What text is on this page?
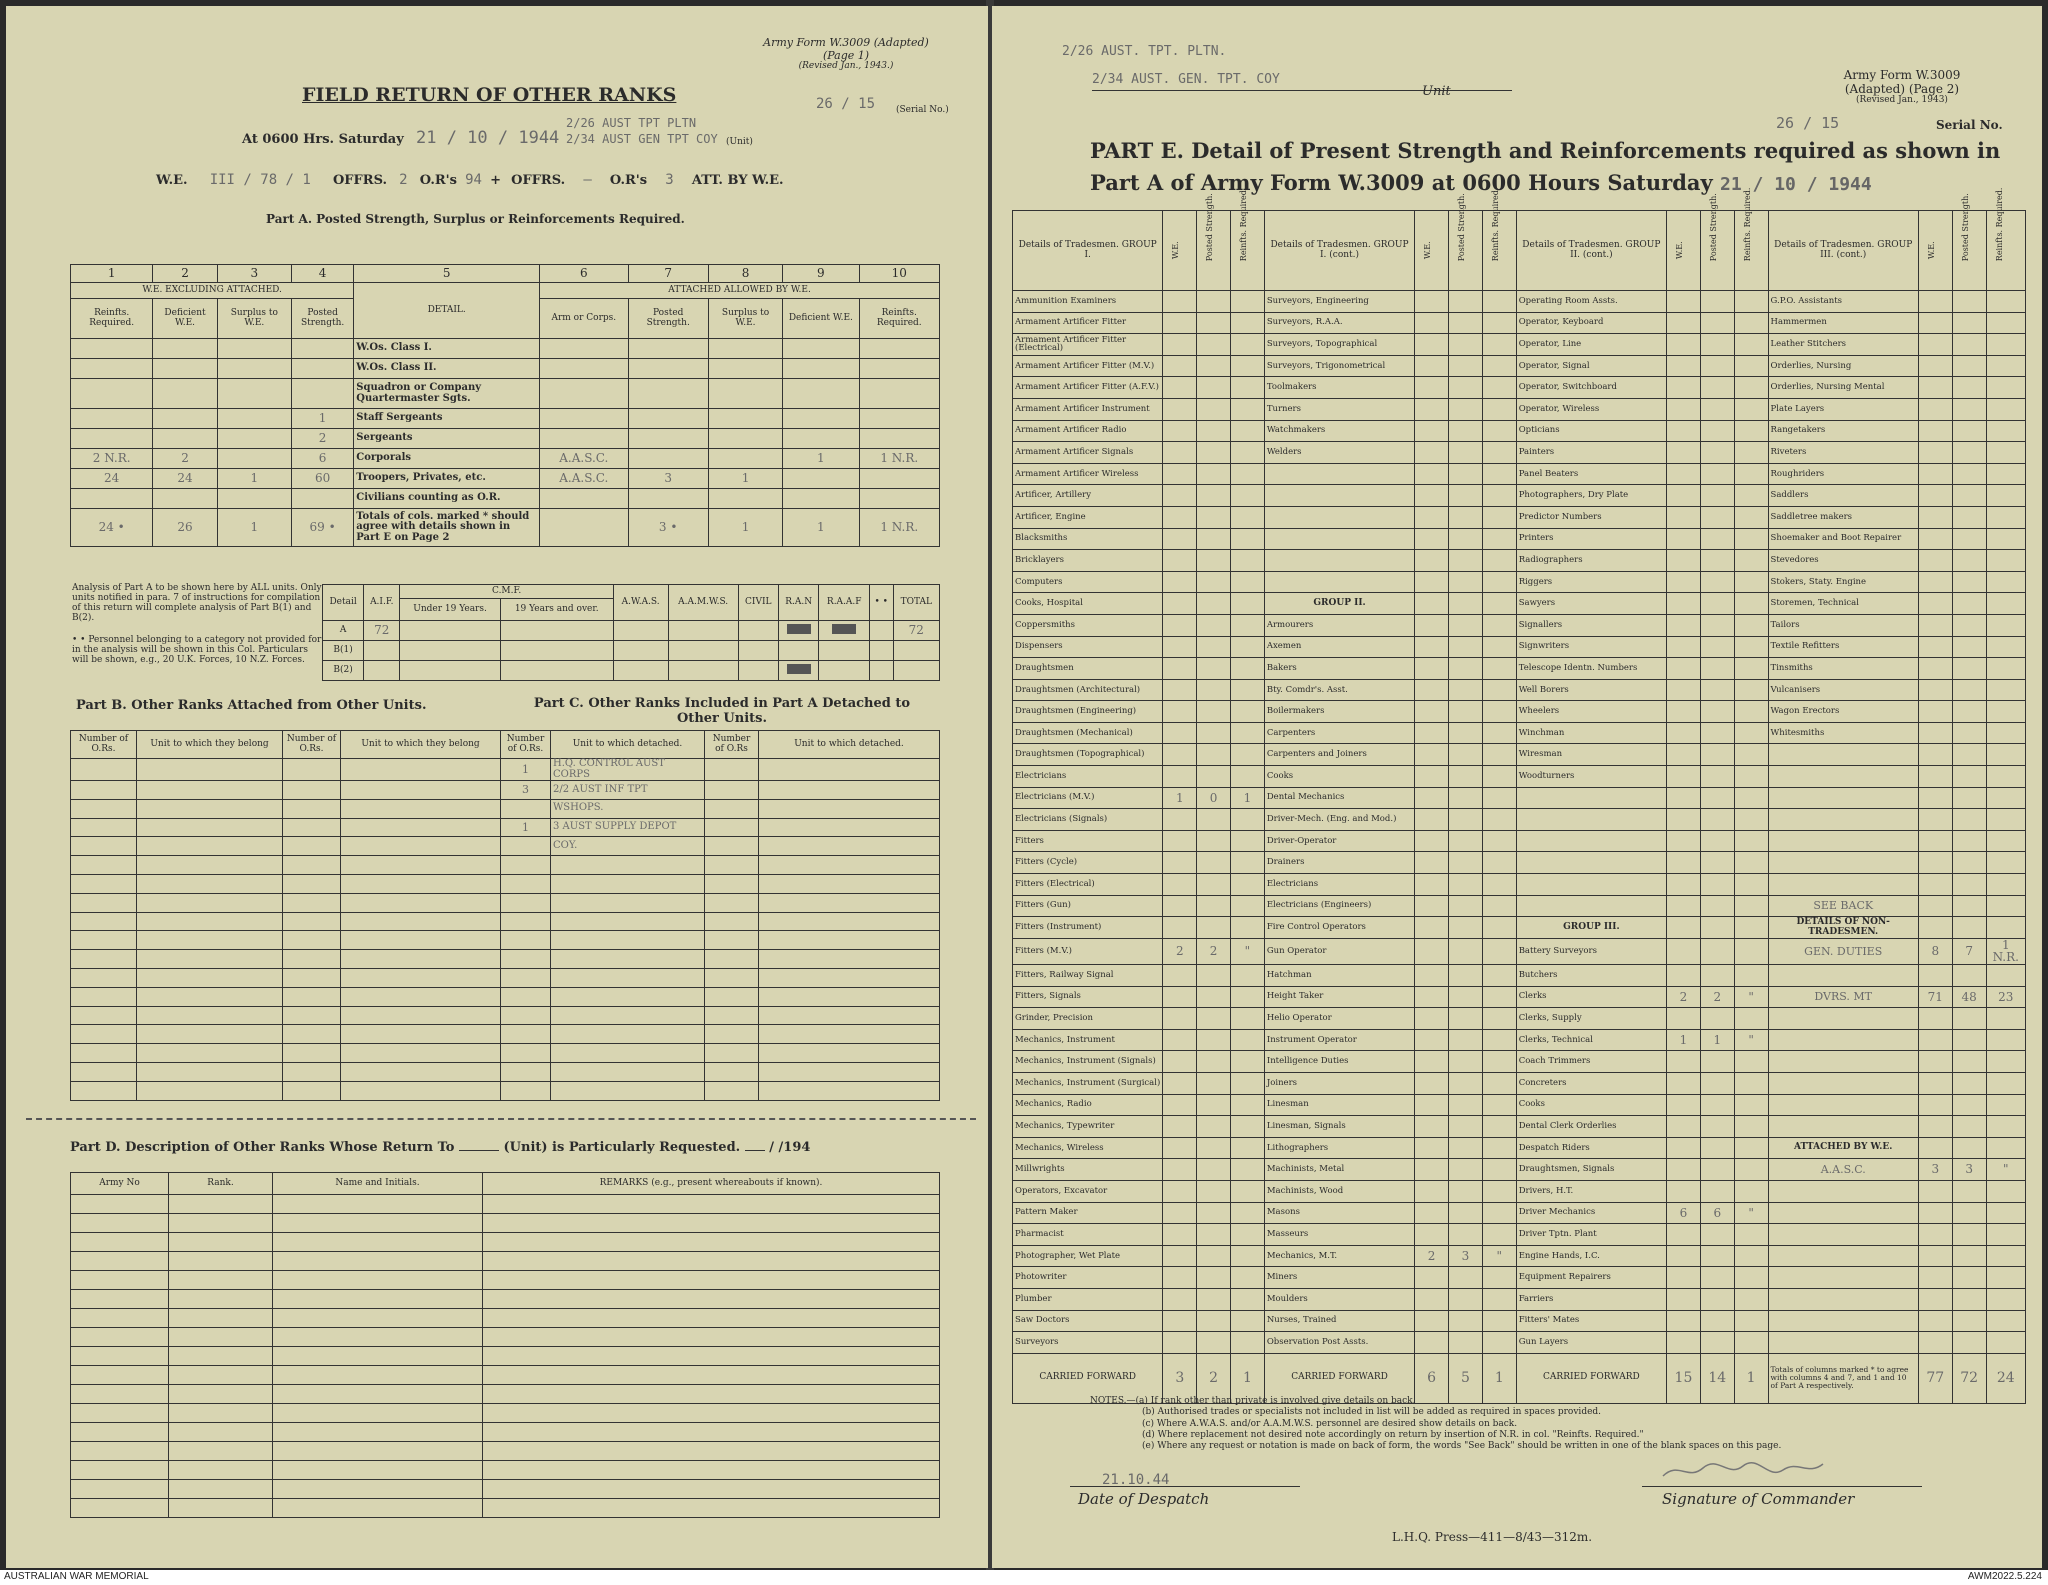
Army Form W.3009 (Adapted)
(Page 1)
(Revised Jan., 1943.)
26 / 15 (Serial No.)
FIELD RETURN OF OTHER RANKS
At 0600 Hrs. Saturday 21 / 10 / 1944
2/26 AUST TPT PLTN
2/34 AUST GEN TPT COY (Unit)
W.E. III / 78 / 1 OFFRS. 2 O.R's 94 + OFFRS. — O.R's 3 ATT. BY W.E.
Part A. Posted Strength, Surplus or Reinforcements Required.
1	2	3	4	5	6	7	8	9	10
W.E. EXCLUDING ATTACHED.				DETAIL.	ATTACHED ALLOWED BY W.E.				
Reinfts. Required.	Deficient W.E.	Surplus to W.E.	Posted Strength.		Arm or Corps.	Posted Strength.	Surplus to W.E.	Deficient W.E.	Reinfts. Required.
				W.Os. Class I.					
				W.Os. Class II.					
				Squadron or Company Quartermaster Sgts.					
			1	Staff Sergeants					
			2	Sergeants					
2 N.R.	2		6	Corporals	A.A.S.C.			1	1 N.R.
24	24	1	60	Troopers, Privates, etc.	A.A.S.C.	3	1		
				Civilians counting as O.R.					
24 •	26	1	69 •	Totals of cols. marked * should agree with details shown in Part E on Page 2		3 •	1	1	1 N.R.
Analysis of Part A to be shown here by ALL units. Only units notified in para. 7 of instructions for compilation of this return will complete analysis of Part B(1) and B(2).
• • Personnel belonging to a category not provided for in the analysis will be shown in this Col. Particulars will be shown, e.g., 20 U.K. Forces, 10 N.Z. Forces.
Detail	A.I.F.	C.M.F.		A.W.A.S.	A.A.M.W.S.	CIVIL	R.A.N	R.A.A.F	• •	TOTAL
		Under 19 Years.	19 Years and over.							
A	72									72
B(1)										
B(2)										
Part B. Other Ranks Attached from Other Units.	Part C. Other Ranks Included in Part A Detached to Other Units.
Number of O.Rs.	Unit to which they belong	Number of O.Rs.	Unit to which they belong	Number of O.Rs.	Unit to which detached.	Number of O.Rs	Unit to which detached.
				1	H.Q. CONTROL AUST CORPS		
				3	2/2 AUST INF TPT		
					WSHOPS.		
				1	3 AUST SUPPLY DEPOT		
					COY.		

Part D. Description of Other Ranks Whose Return To	(Unit) is Particularly Requested. / /194
Army No	Rank.	Name and Initials.	REMARKS (e.g., present whereabouts if known).

2/26 AUST. TPT. PLTN.
2/34 AUST. GEN. TPT. COY
Unit
Army Form W.3009
(Adapted) (Page 2)
(Revised Jan., 1943)
26 / 15	Serial No.
PART E. Detail of Present Strength and Reinforcements required as shown in
Part A of Army Form W.3009 at 0600 Hours Saturday 21 / 10 / 1944
Details of Tradesmen. GROUP I.	W.E.	Posted Strength.	Reinfts. Required.	Details of Tradesmen. GROUP I. (cont.)	W.E.	Posted Strength.	Reinfts. Required.	Details of Tradesmen. GROUP II. (cont.)	W.E.	Posted Strength.	Reinfts. Required.	Details of Tradesmen. GROUP III. (cont.)	W.E.	Posted Strength.	Reinfts. Required.

Ammunition Examiners				Surveyors, Engineering				Operating Room Assts.				G.P.O. Assistants			
Armament Artificer Fitter				Surveyors, R.A.A.				Operator, Keyboard				Hammermen			
Armament Artificer Fitter (Electrical)				Surveyors, Topographical				Operator, Line				Leather Stitchers			
Armament Artificer Fitter (M.V.)				Surveyors, Trigonometrical				Operator, Signal				Orderlies, Nursing			
Armament Artificer Fitter (A.F.V.)				Toolmakers				Operator, Switchboard				Orderlies, Nursing Mental			
Armament Artificer Instrument				Turners				Operator, Wireless				Plate Layers			
Armament Artificer Radio				Watchmakers				Opticians				Rangetakers			
Armament Artificer Signals				Welders				Painters				Riveters			
Armament Artificer Wireless								Panel Beaters				Roughriders			
Artificer, Artillery								Photographers, Dry Plate				Saddlers			
Artificer, Engine								Predictor Numbers				Saddletree makers			
Blacksmiths								Printers				Shoemaker and Boot Repairer			
Bricklayers								Radiographers				Stevedores			
Computers								Riggers				Stokers, Staty. Engine			
Cooks, Hospital				GROUP II.				Sawyers				Storemen, Technical			
Coppersmiths				Armourers				Signallers				Tailors			
Dispensers				Axemen				Signwriters				Textile Refitters			
Draughtsmen				Bakers				Telescope Identn. Numbers				Tinsmiths			
Draughtsmen (Architectural)				Bty. Comdr's. Asst.				Well Borers				Vulcanisers			
Draughtsmen (Engineering)				Boilermakers				Wheelers				Wagon Erectors			
Draughtsmen (Mechanical)				Carpenters				Winchman				Whitesmiths			
Draughtsmen (Topographical)				Carpenters and Joiners				Wiresman							
Electricians				Cooks				Woodturners							
Electricians (M.V.)	1	0	1	Dental Mechanics											
Electricians (Signals)				Driver-Mech. (Eng. and Mod.)											
Fitters				Driver-Operator											
Fitters (Cycle)				Drainers											
Fitters (Electrical)				Electricians											
Fitters (Gun)				Electricians (Engineers)								SEE BACK			
Fitters (Instrument)				Fire Control Operators				GROUP III.				DETAILS OF NON-TRADESMEN.			
Fitters (M.V.)	2	2	"	Gun Operator				Battery Surveyors				GEN. DUTIES	8	7	1 N.R.
Fitters, Railway Signal				Hatchman				Butchers							
Fitters, Signals				Height Taker				Clerks	2	2	"	DVRS. MT	71	48	23
Grinder, Precision				Helio Operator				Clerks, Supply							
Mechanics, Instrument				Instrument Operator				Clerks, Technical	1	1	"				
Mechanics, Instrument (Signals)				Intelligence Duties				Coach Trimmers							
Mechanics, Instrument (Surgical)				Joiners				Concreters							
Mechanics, Radio				Linesman				Cooks							
Mechanics, Typewriter				Linesman, Signals				Dental Clerk Orderlies							
Mechanics, Wireless				Lithographers				Despatch Riders				ATTACHED BY W.E.			
Millwrights				Machinists, Metal				Draughtsmen, Signals				A.A.S.C.	3	3	"
Operators, Excavator				Machinists, Wood				Drivers, H.T.							
Pattern Maker				Masons				Driver Mechanics	6	6	"				
Pharmacist				Masseurs				Driver Tptn. Plant							
Photographer, Wet Plate				Mechanics, M.T.	2	3	"	Engine Hands, I.C.							
Photowriter				Miners				Equipment Repairers							
Plumber				Moulders				Farriers							
Saw Doctors				Nurses, Trained				Fitters' Mates							
Surveyors				Observation Post Assts.				Gun Layers							
CARRIED FORWARD	3	2	1	CARRIED FORWARD	6	5	1	CARRIED FORWARD	15	14	1	Totals of columns marked * to agree with columns 4 and 7, and 1 and 10 of Part A respectively.	77	72	24
NOTES.—(a) If rank other than private is involved give details on back.
(b) Authorised trades or specialists not included in list will be added as required in spaces provided.
(c) Where A.W.A.S. and/or A.A.M.W.S. personnel are desired show details on back.
(d) Where replacement not desired note accordingly on return by insertion of N.R. in col. "Reinfts. Required."
(e) Where any request or notation is made on back of form, the words "See Back" should be written in one of the blank spaces on this page.
21.10.44
Date of Despatch	Signature of Commander
L.H.Q. Press—411—8/43—312m.
AUSTRALIAN WAR MEMORIAL	AWM2022.5.224
